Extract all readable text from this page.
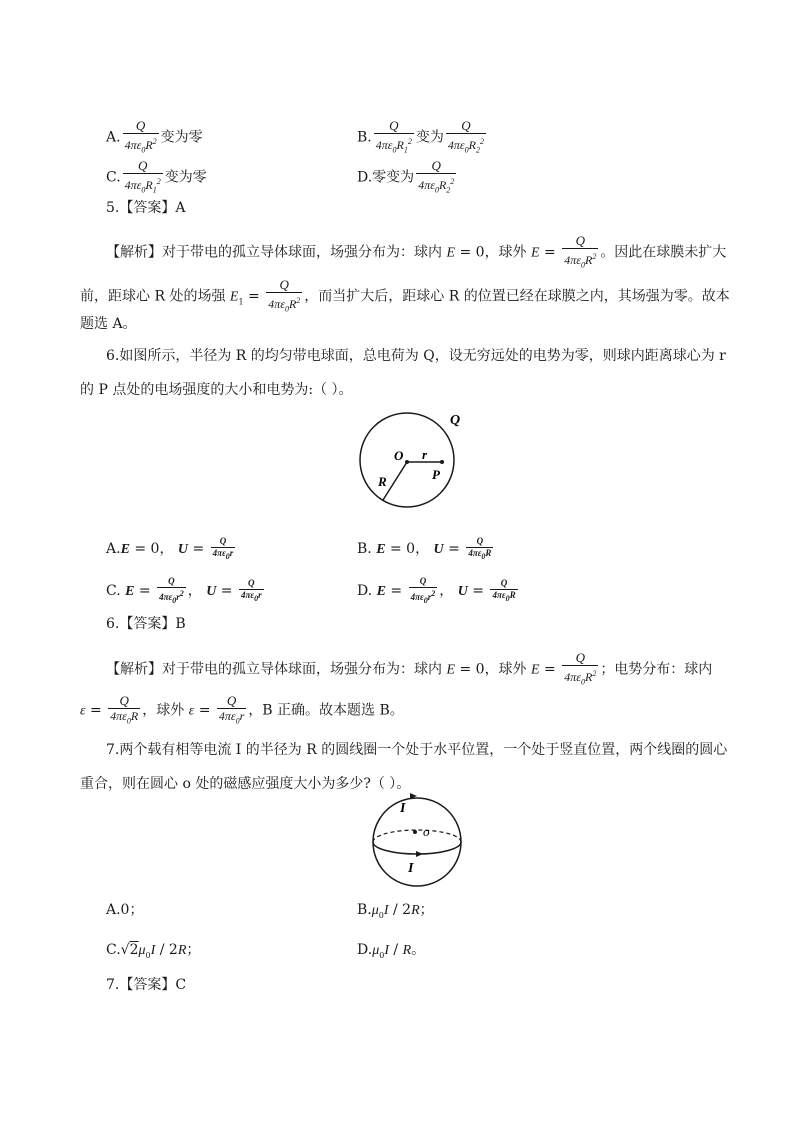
A. $\frac{Q}{4\pi\varepsilon_0R^2}$ 变为零	B. $\frac{Q}{4\pi\varepsilon_0R_1^2}$ 变为 $\frac{Q}{4\pi\varepsilon_0R_2^2}$
C. $\frac{Q}{4\pi\varepsilon_0R_1^2}$ 变为零	D.零变为 $\frac{Q}{4\pi\varepsilon_0R_2^2}$
5.【答案】A
【解析】对于带电的孤立导体球面，场强分布为：球内 E = 0，球外 $E = \frac{Q}{4\pi\varepsilon_0R^2}$ 。因此在球膜未扩大
前，距球心 R 处的场强 $E_1 = \frac{Q}{4\pi\varepsilon_0R^2}$ ，而当扩大后，距球心 R 的位置已经在球膜之内，其场强为零。故本
题选 A。
6.如图所示，半径为 R 的均匀带电球面，总电荷为 Q，设无穷远处的电势为零，则球内距离球心为 r
的 P 点处的电场强度的大小和电势为:（ ）。
Q
O r
P
R
A.E = 0， $U = \frac{Q}{4\pi\varepsilon_0r}$	B. E = 0， $U = \frac{Q}{4\pi\varepsilon_0R}$
C. $E = \frac{Q}{4\pi\varepsilon_0r^2}$ ， $U = \frac{Q}{4\pi\varepsilon_0r}$	D. $E = \frac{Q}{4\pi\varepsilon_0r^2}$ ， $U = \frac{Q}{4\pi\varepsilon_0R}$
6.【答案】B
【解析】对于带电的孤立导体球面，场强分布为：球内 E = 0，球外 $E = \frac{Q}{4\pi\varepsilon_0R^2}$ ；电势分布：球内
$\varepsilon = \frac{Q}{4\pi\varepsilon_0R}$ ，球外 $\varepsilon = \frac{Q}{4\pi\varepsilon_0r}$ ，B 正确。故本题选 B。
7.两个载有相等电流 I 的半径为 R 的圆线圈一个处于水平位置，一个处于竖直位置，两个线圈的圆心
重合，则在圆心 o 处的磁感应强度大小为多少?（ ）。
I
o
I
A.0；	$B.\mu_0I / 2R$；
$C.√2\mu_0I / 2R$；	$D.\mu_0I$ / R。
7.【答案】C
